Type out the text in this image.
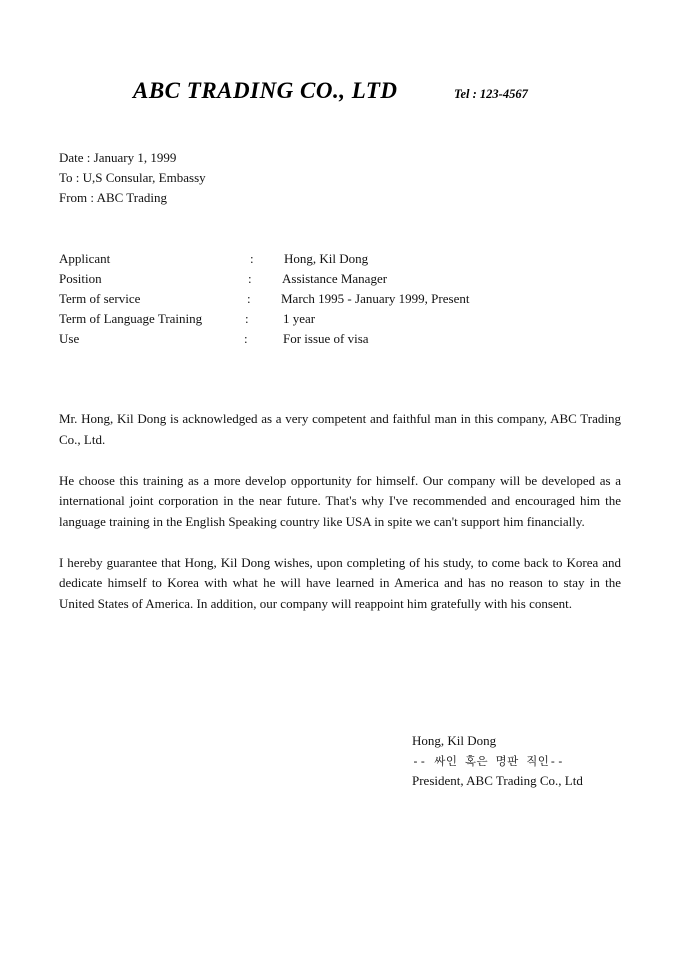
ABC TRADING CO., LTD	Tel : 123-4567
Date : January 1, 1999
To : U,S Consular, Embassy
From : ABC Trading
Applicant	: Hong, Kil Dong
Position	: Assistance Manager
Term of service	: March 1995 - January 1999, Present
Term of Language Training	:	1 year
Use	:	For issue of visa

Mr. Hong, Kil Dong is acknowledged as a very competent and faithful man in this company, ABC Trading Co., Ltd.

He choose this training as a more develop opportunity for himself. Our company will be developed as a international joint corporation in the near future. That's why I've recommended and encouraged him the language training in the English Speaking country like USA in spite we can't support him financially.

I hereby guarantee that Hong, Kil Dong wishes, upon completing of his study, to come back to Korea and dedicate himself to Korea with what he will have learned in America and has no reason to stay in the United States of America. In addition, our company will reappoint him gratefully with his consent.

Hong, Kil Dong
-- 싸인 혹은 명판 직인--
President, ABC Trading Co., Ltd
